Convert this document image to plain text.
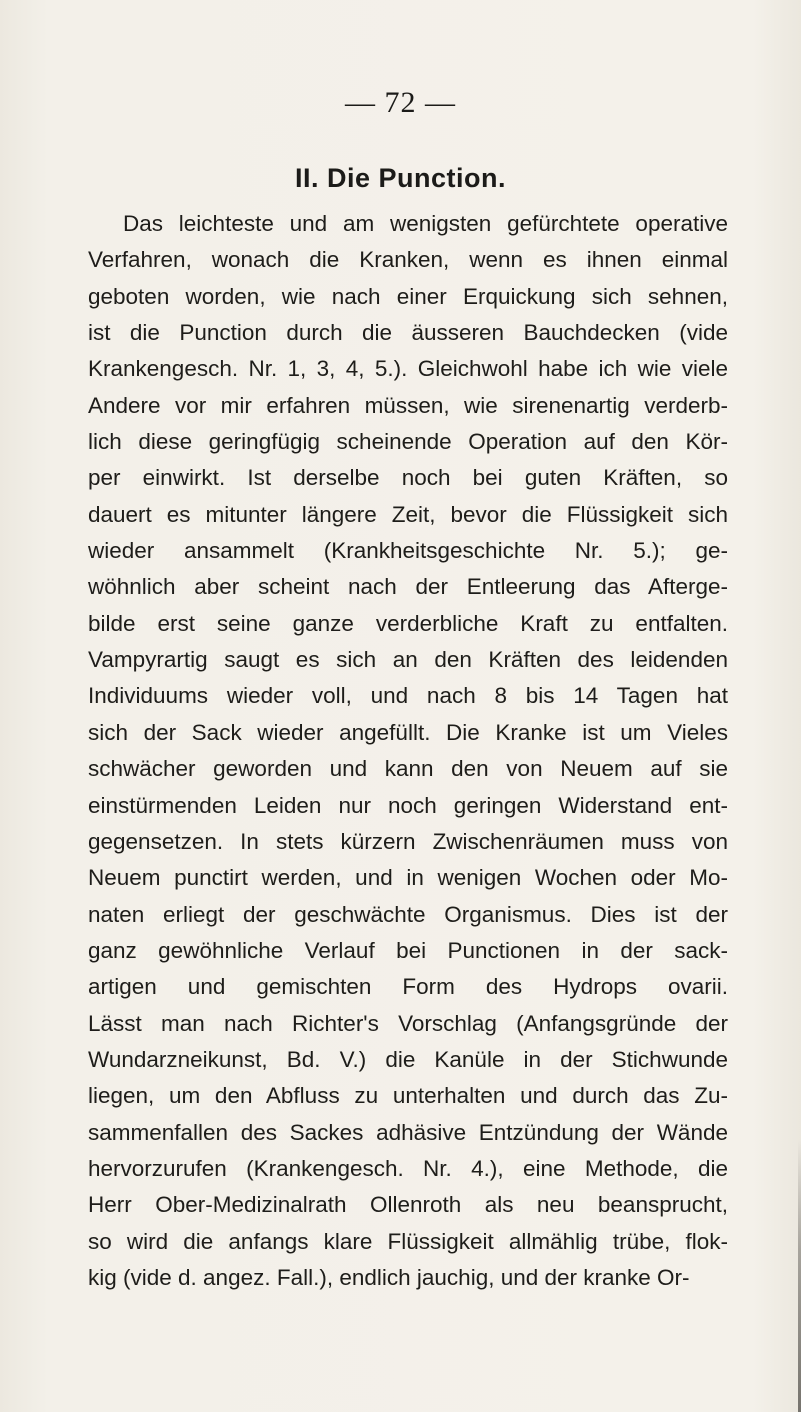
— 72 —
II. Die Punction.
Das leichteste und am wenigsten gefürchtete operative
Verfahren, wonach die Kranken, wenn es ihnen einmal
geboten worden, wie nach einer Erquickung sich sehnen,
ist die Punction durch die äusseren Bauchdecken (vide
Krankengesch. Nr. 1, 3, 4, 5.). Gleichwohl habe ich wie viele
Andere vor mir erfahren müssen, wie sirenenartig verderb-
lich diese geringfügig scheinende Operation auf den Kör-
per einwirkt. Ist derselbe noch bei guten Kräften, so
dauert es mitunter längere Zeit, bevor die Flüssigkeit sich
wieder ansammelt (Krankheitsgeschichte Nr. 5.); ge-
wöhnlich aber scheint nach der Entleerung das Afterge-
bilde erst seine ganze verderbliche Kraft zu entfalten.
Vampyrartig saugt es sich an den Kräften des leidenden
Individuums wieder voll, und nach 8 bis 14 Tagen hat
sich der Sack wieder angefüllt. Die Kranke ist um Vieles
schwächer geworden und kann den von Neuem auf sie
einstürmenden Leiden nur noch geringen Widerstand ent-
gegensetzen. In stets kürzern Zwischenräumen muss von
Neuem punctirt werden, und in wenigen Wochen oder Mo-
naten erliegt der geschwächte Organismus. Dies ist der
ganz gewöhnliche Verlauf bei Punctionen in der sack-
artigen und gemischten Form des Hydrops ovarii.
Lässt man nach Richter's Vorschlag (Anfangsgründe der
Wundarzneikunst, Bd. V.) die Kanüle in der Stichwunde
liegen, um den Abfluss zu unterhalten und durch das Zu-
sammenfallen des Sackes adhäsive Entzündung der Wände
hervorzurufen (Krankengesch. Nr. 4.), eine Methode, die
Herr Ober-Medizinalrath Ollenroth als neu beansprucht,
so wird die anfangs klare Flüssigkeit allmählig trübe, flok-
kig (vide d. angez. Fall.), endlich jauchig, und der kranke Or-
